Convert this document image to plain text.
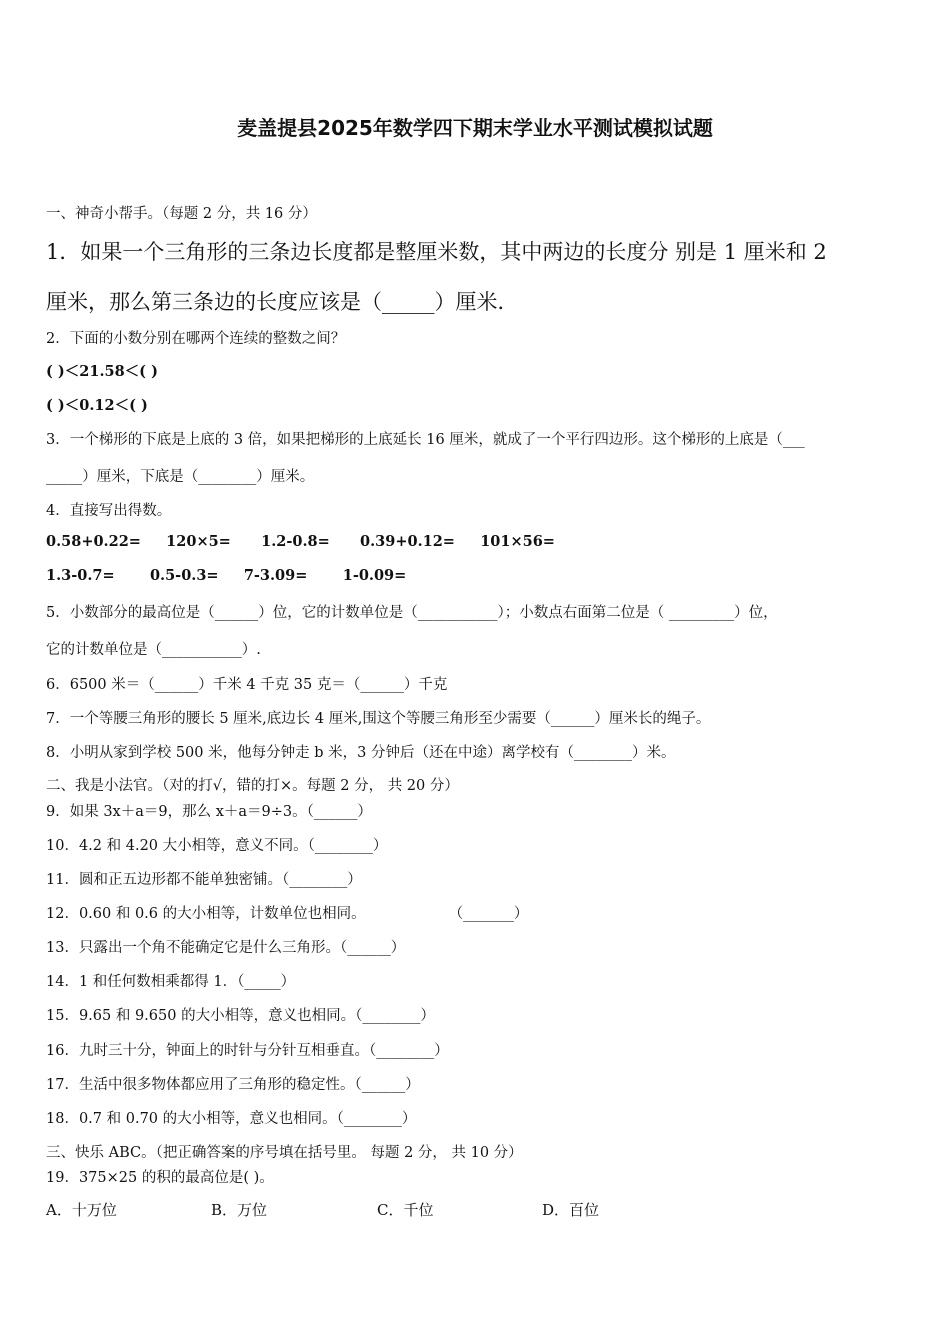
麦盖提县2025年数学四下期末学业水平测试模拟试题
一、神奇小帮手。（每题 2 分，共 16 分）
1．如果一个三角形的三条边长度都是整厘米数，其中两边的长度分 别是 1 厘米和 2
厘米，那么第三条边的长度应该是（_____）厘米．
2．下面的小数分别在哪两个连续的整数之间？
( )＜21.58＜( )
( )＜0.12＜( )
3．一个梯形的下底是上底的 3 倍，如果把梯形的上底延长 16 厘米，就成了一个平行四边形。这个梯形的上底是（___
_____）厘米，下底是（________）厘米。
4．直接写出得数。
0.58+0.22=     120×5=      1.2-0.8=      0.39+0.12=     101×56=
1.3-0.7=       0.5-0.3=     7-3.09=       1-0.09=
5．小数部分的最高位是（______）位，它的计数单位是（___________）；小数点右面第二位是（ _________）位，
它的计数单位是（___________）.
6．6500 米＝（______）千米 4 千克 35 克＝（______）千克
7．一个等腰三角形的腰长 5 厘米,底边长 4 厘米,围这个等腰三角形至少需要（______）厘米长的绳子。
8．小明从家到学校 500 米，他每分钟走 b 米，3 分钟后（还在中途）离学校有（________）米。
二、我是小法官。（对的打√，错的打×。每题 2 分， 共 20 分）
9．如果 3x＋a＝9，那么 x＋a＝9÷3。（______）
10．4.2 和 4.20 大小相等，意义不同。（________）
11．圆和正五边形都不能单独密铺。（________）
12．0.60 和 0.6 的大小相等，计数单位也相同。                  （_______）
13．只露出一个角不能确定它是什么三角形。（______）
14．1 和任何数相乘都得 1．（_____）
15．9.65 和 9.650 的大小相等，意义也相同。（________）
16．九时三十分，钟面上的时针与分针互相垂直。（________）
17．生活中很多物体都应用了三角形的稳定性。（______）
18．0.7 和 0.70 的大小相等，意义也相同。（________）
三、快乐 ABC。（把正确答案的序号填在括号里。 每题 2 分， 共 10 分）
19．375×25 的积的最高位是( )。
A．十万位	B．万位	C．千位	D．百位
